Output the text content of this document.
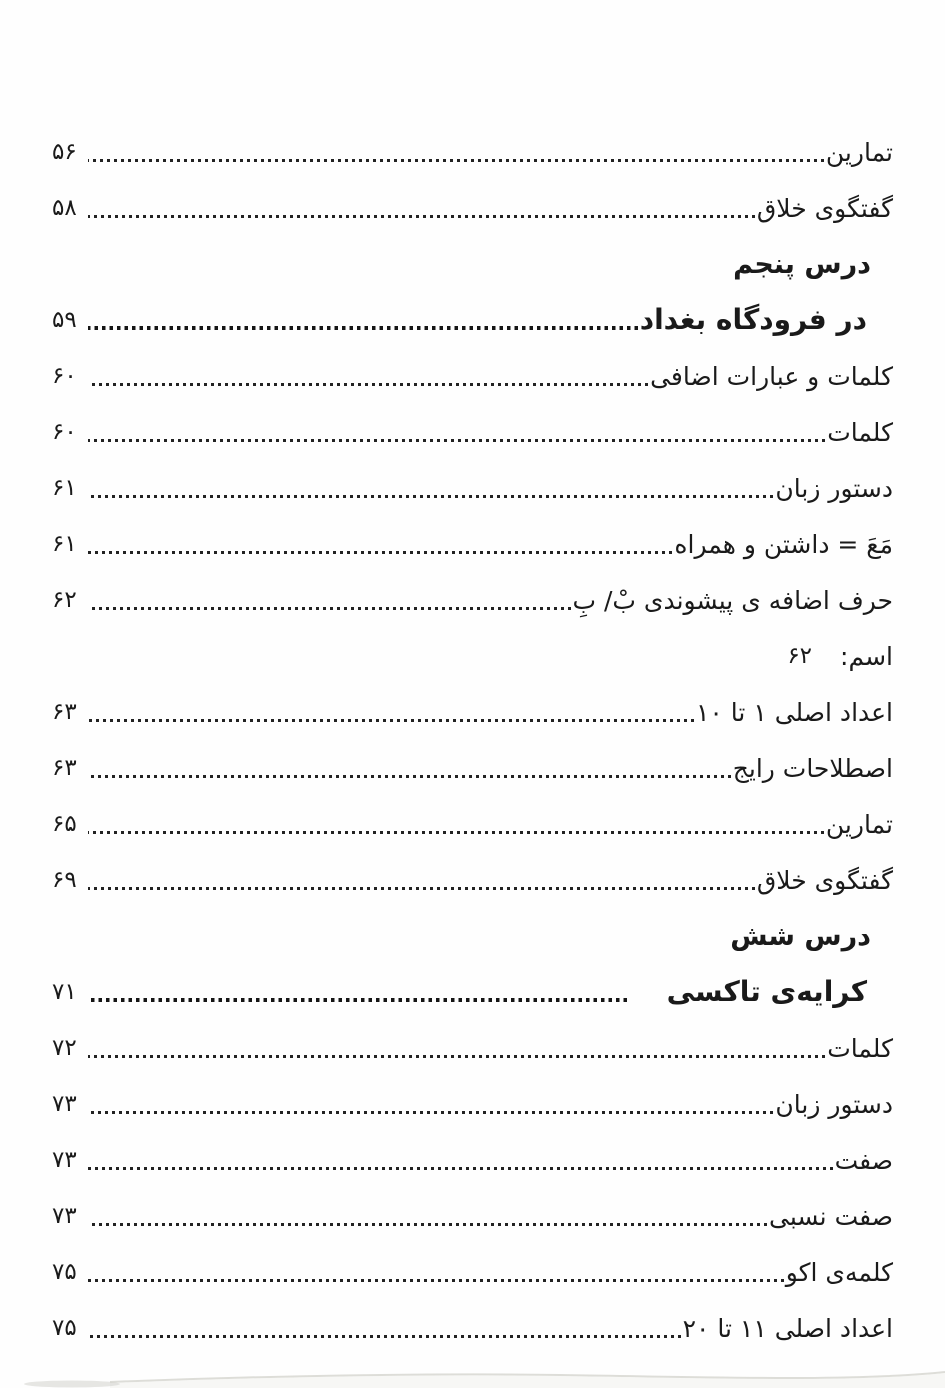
تمارین
۵۶
گفتگوی خلاق
۵۸
درس پنجم
در فرودگاه بغداد
۵۹
کلمات و عبارات اضافی
۶۰
کلمات
۶۰
دستور زبان
۶۱
مَعَ = داشتن و همراه
۶۱
حرف اضافه ی پیشوندی بْ/ بِ
۶۲
اسم:
۶۲
اعداد اصلی ۱ تا ۱۰
۶۳
اصطلاحات رایج
۶۳
تمارین
۶۵
گفتگوی خلاق
۶۹
درس شش
کرایه‌ی تاکسی
۷۱
کلمات
۷۲
دستور زبان
۷۳
صفت
۷۳
صفت نسبی
۷۳
کلمه‌ی اکو
۷۵
اعداد اصلی ۱۱ تا ۲۰
۷۵
